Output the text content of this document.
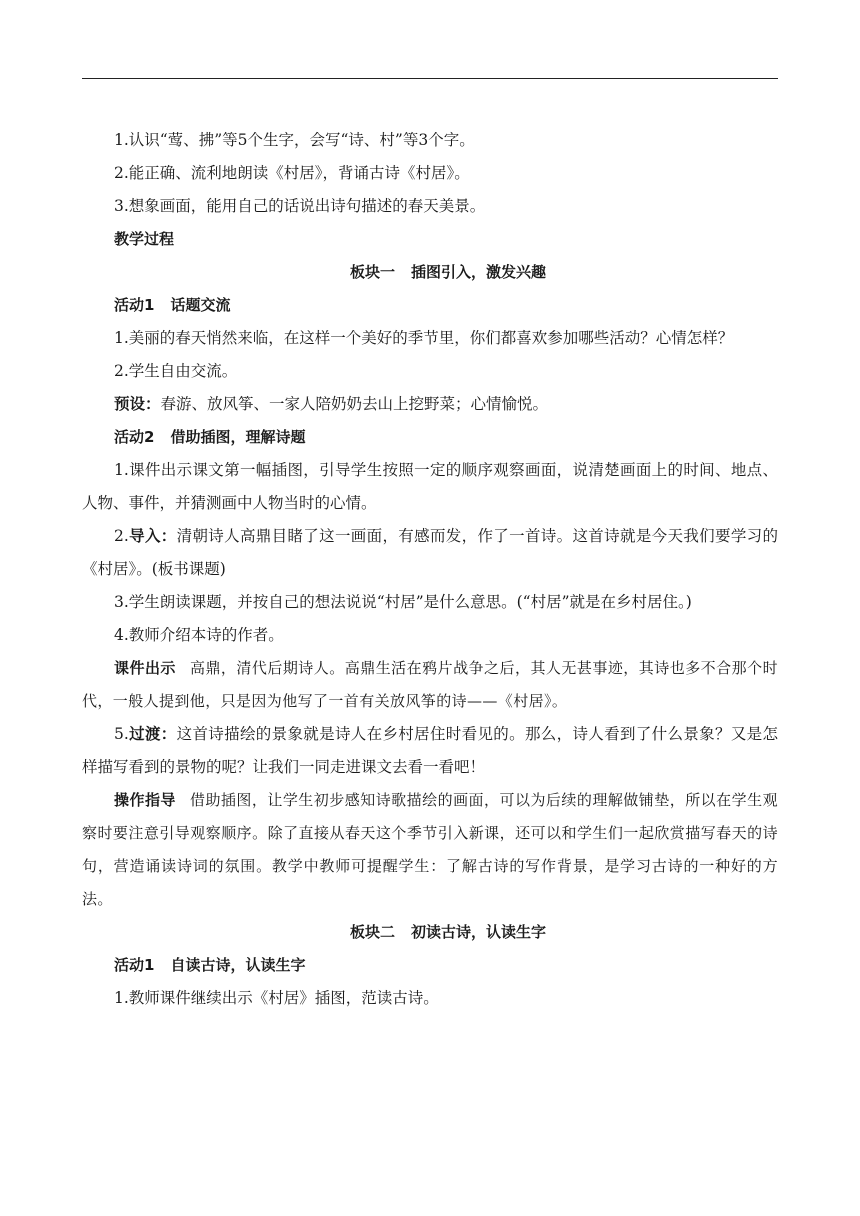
1.认识“莺、拂”等5个生字，会写“诗、村”等3个字。

2.能正确、流利地朗读《村居》，背诵古诗《村居》。

3.想象画面，能用自己的话说出诗句描述的春天美景。

教学过程

板块一 插图引入，激发兴趣

活动1 话题交流

1.美丽的春天悄然来临，在这样一个美好的季节里，你们都喜欢参加哪些活动？心情怎样？

2.学生自由交流。

预设：春游、放风筝、一家人陪奶奶去山上挖野菜；心情愉悦。

活动2 借助插图，理解诗题

1.课件出示课文第一幅插图，引导学生按照一定的顺序观察画面，说清楚画面上的时间、地点、人物、事件，并猜测画中人物当时的心情。

2.导入：清朝诗人高鼎目睹了这一画面，有感而发，作了一首诗。这首诗就是今天我们要学习的《村居》。(板书课题)

3.学生朗读课题，并按自己的想法说说“村居”是什么意思。(“村居”就是在乡村居住。)

4.教师介绍本诗的作者。

课件出示 高鼎，清代后期诗人。高鼎生活在鸦片战争之后，其人无甚事迹，其诗也多不合那个时代，一般人提到他，只是因为他写了一首有关放风筝的诗——《村居》。

5.过渡：这首诗描绘的景象就是诗人在乡村居住时看见的。那么，诗人看到了什么景象？又是怎样描写看到的景物的呢？让我们一同走进课文去看一看吧！

操作指导 借助插图，让学生初步感知诗歌描绘的画面，可以为后续的理解做铺垫，所以在学生观察时要注意引导观察顺序。除了直接从春天这个季节引入新课，还可以和学生们一起欣赏描写春天的诗句，营造诵读诗词的氛围。教学中教师可提醒学生：了解古诗的写作背景，是学习古诗的一种好的方法。

板块二 初读古诗，认读生字

活动1 自读古诗，认读生字

1.教师课件继续出示《村居》插图，范读古诗。
